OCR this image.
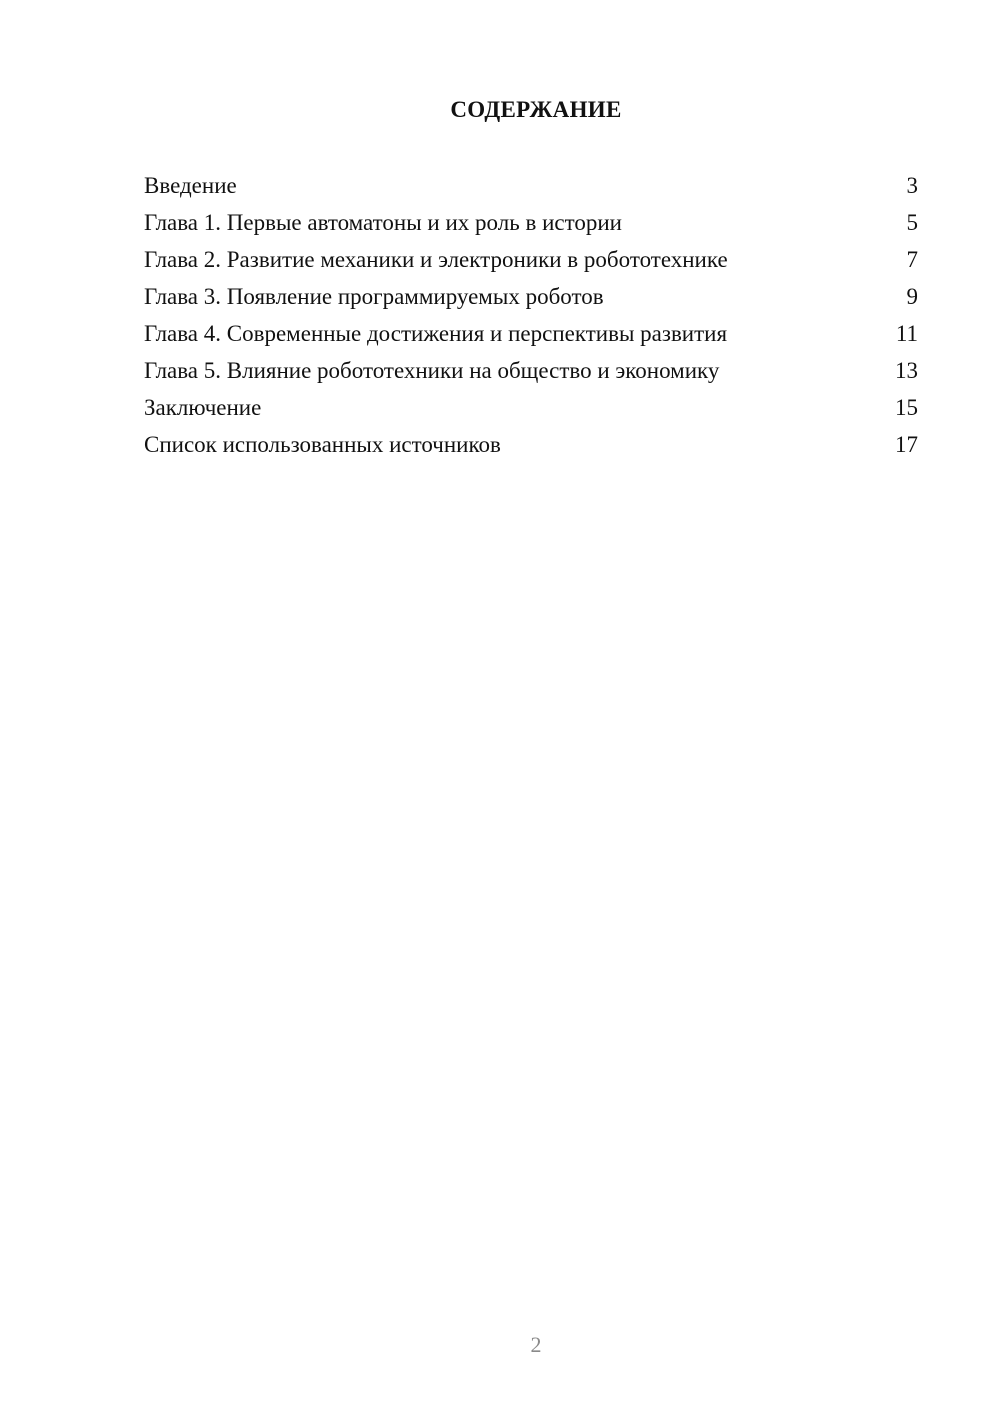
СОДЕРЖАНИЕ
Введение	3
Глава 1. Первые автоматоны и их роль в истории	5
Глава 2. Развитие механики и электроники в робототехнике	7
Глава 3. Появление программируемых роботов	9
Глава 4. Современные достижения и перспективы развития	11
Глава 5. Влияние робототехники на общество и экономику	13
Заключение	15
Список использованных источников	17
2
